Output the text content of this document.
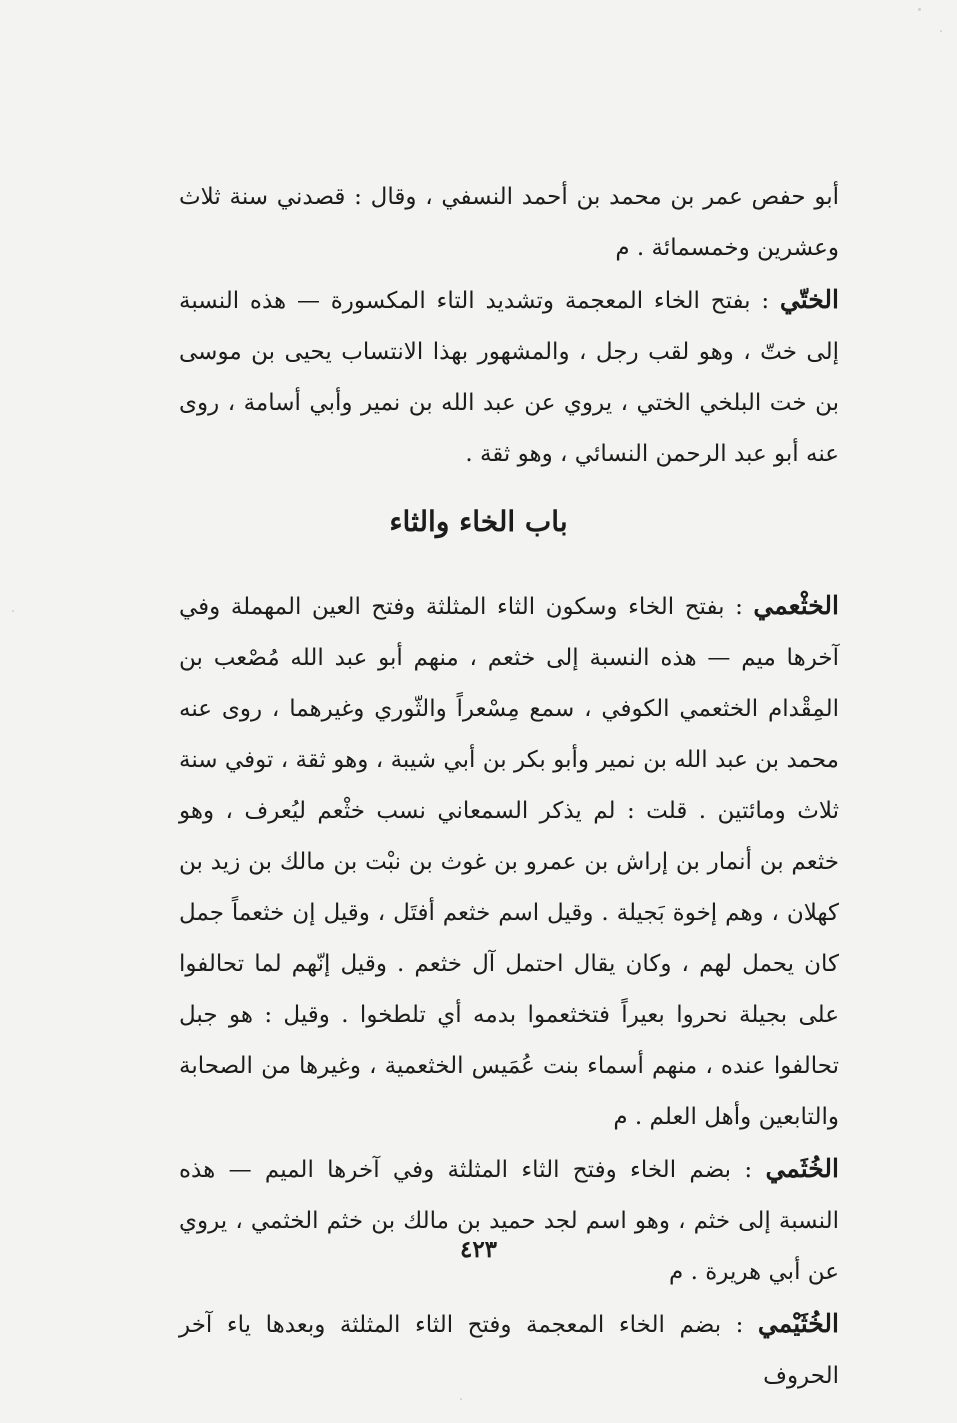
أبو حفص عمر بن محمد بن أحمد النسفي ، وقال : قصدني سنة ثلاث وعشرين وخمسمائة . م

الختّي : بفتح الخاء المعجمة وتشديد التاء المكسورة — هذه النسبة إلى ختّ ، وهو لقب رجل ، والمشهور بهذا الانتساب يحيى بن موسى بن خت البلخي الختي ، يروي عن عبد الله بن نمير وأبي أسامة ، روى عنه أبو عبد الرحمن النسائي ، وهو ثقة .

باب الخاء والثاء

الخثْعمي : بفتح الخاء وسكون الثاء المثلثة وفتح العين المهملة وفي آخرها ميم — هذه النسبة إلى خثعم ، منهم أبو عبد الله مُصْعب بن المِقْدام الخثعمي الكوفي ، سمع مِسْعراً والثّوري وغيرهما ، روى عنه محمد بن عبد الله بن نمير وأبو بكر بن أبي شيبة ، وهو ثقة ، توفي سنة ثلاث ومائتين . قلت : لم يذكر السمعاني نسب خثْعم ليُعرف ، وهو خثعم بن أنمار بن إراش بن عمرو بن غوث بن نبْت بن مالك بن زيد بن كهلان ، وهم إخوة بَجيلة . وقيل اسم خثعم أفتَل ، وقيل إن خثعماً جمل كان يحمل لهم ، وكان يقال احتمل آل خثعم . وقيل إنّهم لما تحالفوا على بجيلة نحروا بعيراً فتخثعموا بدمه أي تلطخوا . وقيل : هو جبل تحالفوا عنده ، منهم أسماء بنت عُمَيس الخثعمية ، وغيرها من الصحابة والتابعين وأهل العلم . م

الخُثَمي : بضم الخاء وفتح الثاء المثلثة وفي آخرها الميم — هذه النسبة إلى خثم ، وهو اسم لجد حميد بن مالك بن خثم الخثمي ، يروي عن أبي هريرة . م

الخُثَيْمي : بضم الخاء المعجمة وفتح الثاء المثلثة وبعدها ياء آخر الحروف

٤٢٣
